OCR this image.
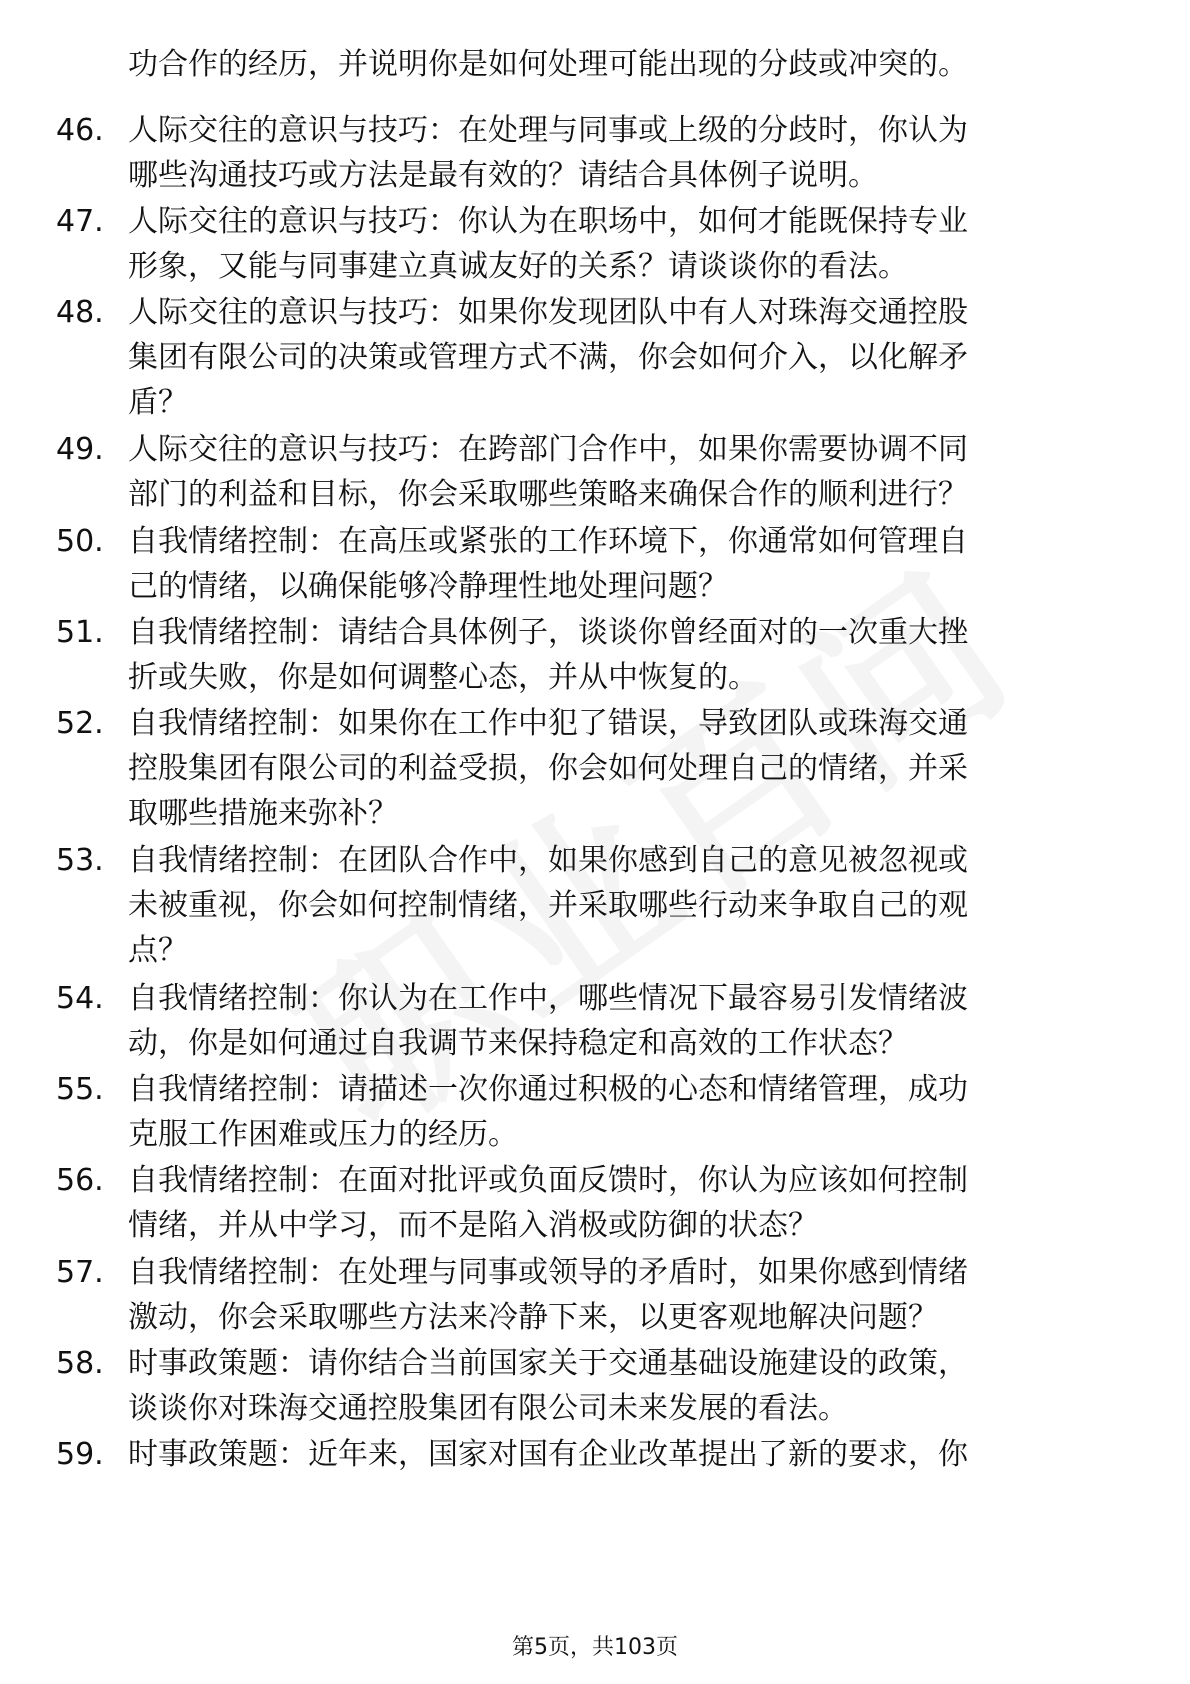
功合作的经历，并说明你是如何处理可能出现的分歧或冲突的。
46. 人际交往的意识与技巧：在处理与同事或上级的分歧时，你认为
哪些沟通技巧或方法是最有效的？请结合具体例子说明。
47. 人际交往的意识与技巧：你认为在职场中，如何才能既保持专业
形象，又能与同事建立真诚友好的关系？请谈谈你的看法。
48. 人际交往的意识与技巧：如果你发现团队中有人对珠海交通控股
集团有限公司的决策或管理方式不满，你会如何介入，以化解矛
盾？
49. 人际交往的意识与技巧：在跨部门合作中，如果你需要协调不同
部门的利益和目标，你会采取哪些策略来确保合作的顺利进行？
50. 自我情绪控制：在高压或紧张的工作环境下，你通常如何管理自
己的情绪，以确保能够冷静理性地处理问题？
51. 自我情绪控制：请结合具体例子，谈谈你曾经面对的一次重大挫
折或失败，你是如何调整心态，并从中恢复的。
52. 自我情绪控制：如果你在工作中犯了错误，导致团队或珠海交通
控股集团有限公司的利益受损，你会如何处理自己的情绪，并采
取哪些措施来弥补？
53. 自我情绪控制：在团队合作中，如果你感到自己的意见被忽视或
未被重视，你会如何控制情绪，并采取哪些行动来争取自己的观
点？
54. 自我情绪控制：你认为在工作中，哪些情况下最容易引发情绪波
动，你是如何通过自我调节来保持稳定和高效的工作状态？
55. 自我情绪控制：请描述一次你通过积极的心态和情绪管理，成功
克服工作困难或压力的经历。
56. 自我情绪控制：在面对批评或负面反馈时，你认为应该如何控制
情绪，并从中学习，而不是陷入消极或防御的状态？
57. 自我情绪控制：在处理与同事或领导的矛盾时，如果你感到情绪
激动，你会采取哪些方法来冷静下来，以更客观地解决问题？
58. 时事政策题：请你结合当前国家关于交通基础设施建设的政策，
谈谈你对珠海交通控股集团有限公司未来发展的看法。
59. 时事政策题：近年来，国家对国有企业改革提出了新的要求，你
第5页，共103页
